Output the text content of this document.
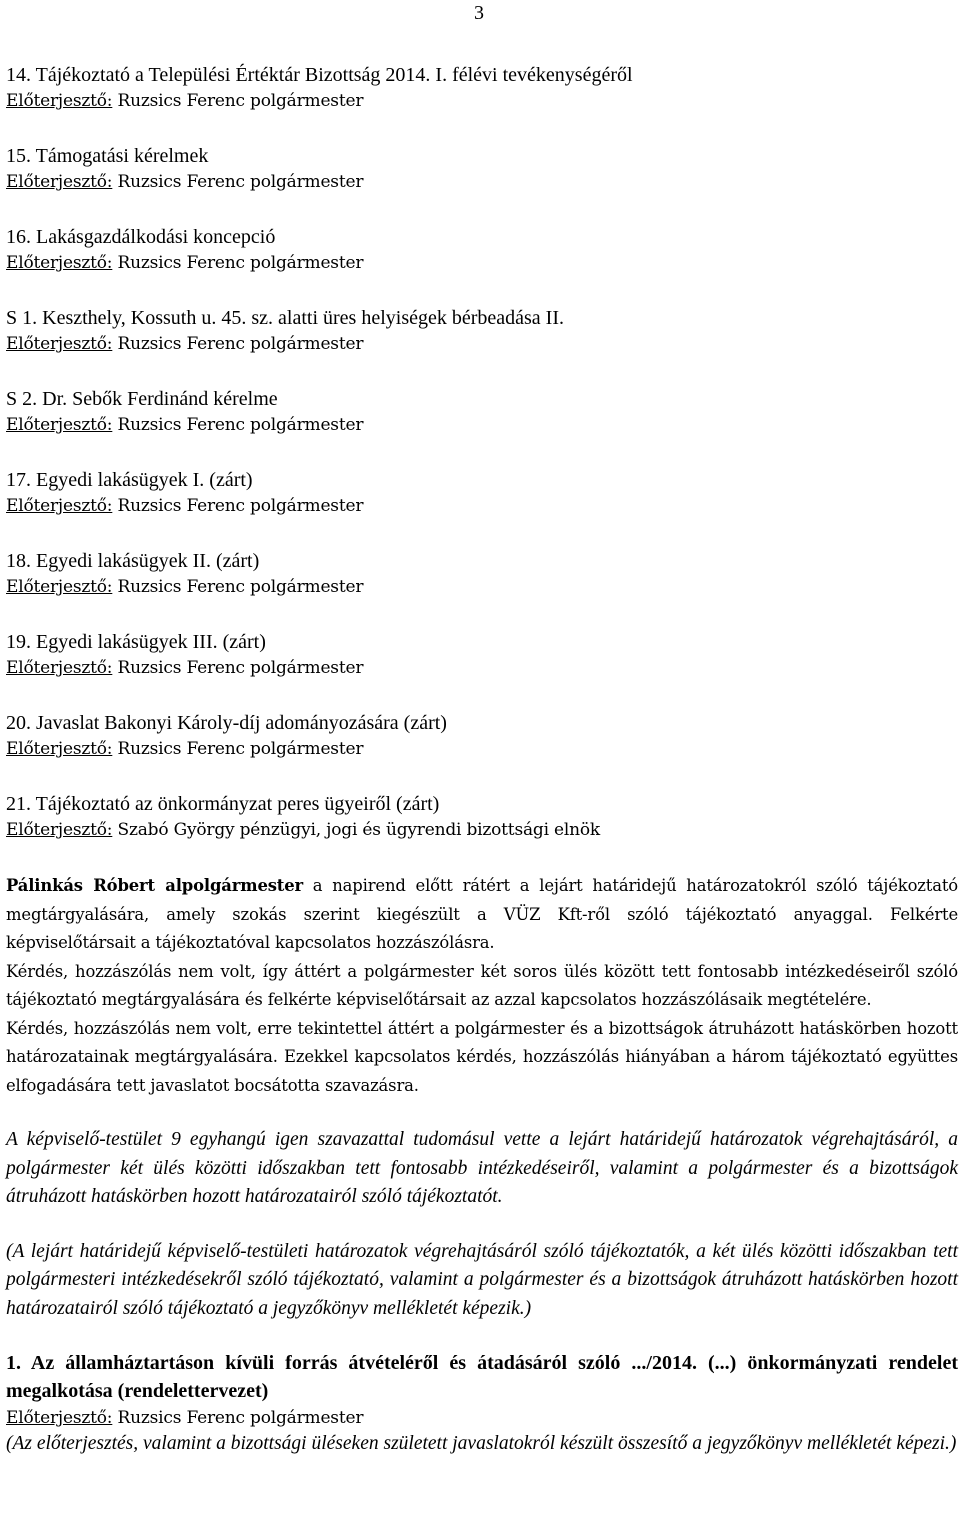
3
14. Tájékoztató a Települési Értéktár Bizottság 2014. I. félévi tevékenységéről
Előterjesztő: Ruzsics Ferenc polgármester
15. Támogatási kérelmek
Előterjesztő: Ruzsics Ferenc polgármester
16. Lakásgazdálkodási koncepció
Előterjesztő: Ruzsics Ferenc polgármester
S 1. Keszthely, Kossuth u. 45. sz. alatti üres helyiségek bérbeadása II.
Előterjesztő: Ruzsics Ferenc polgármester
S 2. Dr. Sebők Ferdinánd kérelme
Előterjesztő: Ruzsics Ferenc polgármester
17. Egyedi lakásügyek I. (zárt)
Előterjesztő: Ruzsics Ferenc polgármester
18. Egyedi lakásügyek II. (zárt)
Előterjesztő: Ruzsics Ferenc polgármester
19. Egyedi lakásügyek III. (zárt)
Előterjesztő: Ruzsics Ferenc polgármester
20. Javaslat Bakonyi Károly-díj adományozására (zárt)
Előterjesztő: Ruzsics Ferenc polgármester
21. Tájékoztató az önkormányzat peres ügyeiről (zárt)
Előterjesztő: Szabó György pénzügyi, jogi és ügyrendi bizottsági elnök
Pálinkás Róbert alpolgármester a napirend előtt rátért a lejárt határidejű határozatokról szóló tájékoztató megtárgyalására, amely szokás szerint kiegészült a VÜZ Kft-ről szóló tájékoztató anyaggal. Felkérte képviselőtársait a tájékoztatóval kapcsolatos hozzászólásra.
Kérdés, hozzászólás nem volt, így áttért a polgármester két soros ülés között tett fontosabb intézkedéseiről szóló tájékoztató megtárgyalására és felkérte képviselőtársait az azzal kapcsolatos hozzászólásaik megtételére.
Kérdés, hozzászólás nem volt, erre tekintettel áttért a polgármester és a bizottságok átruházott hatáskörben hozott határozatainak megtárgyalására. Ezekkel kapcsolatos kérdés, hozzászólás hiányában a három tájékoztató együttes elfogadására tett javaslatot bocsátotta szavazásra.
A képviselő-testület 9 egyhangú igen szavazattal tudomásul vette a lejárt határidejű határozatok végrehajtásáról, a polgármester két ülés közötti időszakban tett fontosabb intézkedéseiről, valamint a polgármester és a bizottságok átruházott hatáskörben hozott határozatairól szóló tájékoztatót.
(A lejárt határidejű képviselő-testületi határozatok végrehajtásáról szóló tájékoztatók, a két ülés közötti időszakban tett polgármesteri intézkedésekről szóló tájékoztató, valamint a polgármester és a bizottságok átruházott hatáskörben hozott határozatairól szóló tájékoztató a jegyzőkönyv mellékletét képezik.)
1. Az államháztartáson kívüli forrás átvételéről és átadásáról szóló .../2014. (...) önkormányzati rendelet megalkotása (rendelettervezet)
Előterjesztő: Ruzsics Ferenc polgármester
(Az előterjesztés, valamint a bizottsági üléseken született javaslatokról készült összesítő a jegyzőkönyv mellékletét képezi.)
